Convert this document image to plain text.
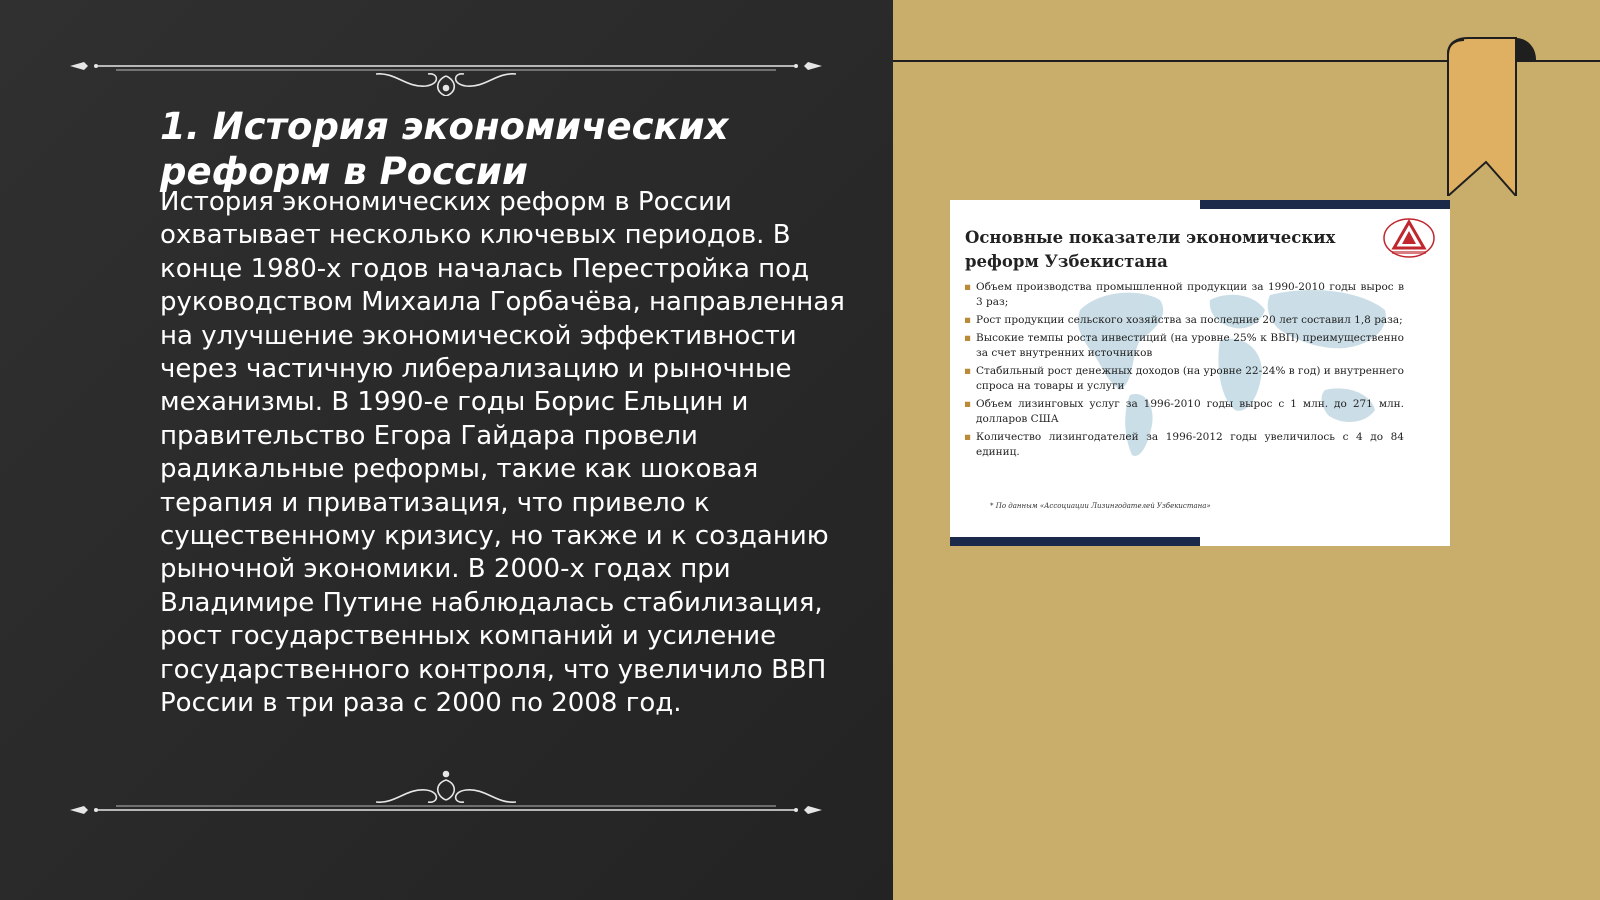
1. История экономических реформ в России

История экономических реформ в России охватывает несколько ключевых периодов. В конце 1980-х годов началась Перестройка под руководством Михаила Горбачёва, направленная на улучшение экономической эффективности через частичную либерализацию и рыночные механизмы. В 1990-е годы Борис Ельцин и правительство Егора Гайдара провели радикальные реформы, такие как шоковая терапия и приватизация, что привело к существенному кризису, но также и к созданию рыночной экономики. В 2000-х годах при Владимире Путине наблюдалась стабилизация, рост государственных компаний и усиление государственного контроля, что увеличило ВВП России в три раза с 2000 по 2008 год.

Основные показатели экономических реформ Узбекистана
▪ Объем производства промышленной продукции за 1990-2010 годы вырос в 3 раз;
▪ Рост продукции сельского хозяйства за последние 20 лет составил 1,8 раза;
▪ Высокие темпы роста инвестиций (на уровне 25% к ВВП) преимущественно за счет внутренних источников
▪ Стабильный рост денежных доходов (на уровне 22-24% в год) и внутреннего спроса на товары и услуги
▪ Объем лизинговых услуг за 1996-2010 годы вырос с 1 млн. до 271 млн. долларов США
▪ Количество лизингодателей за 1996-2012 годы увеличилось с 4 до 84 единиц.
* По данным «Ассоциации Лизингодателей Узбекистана»
